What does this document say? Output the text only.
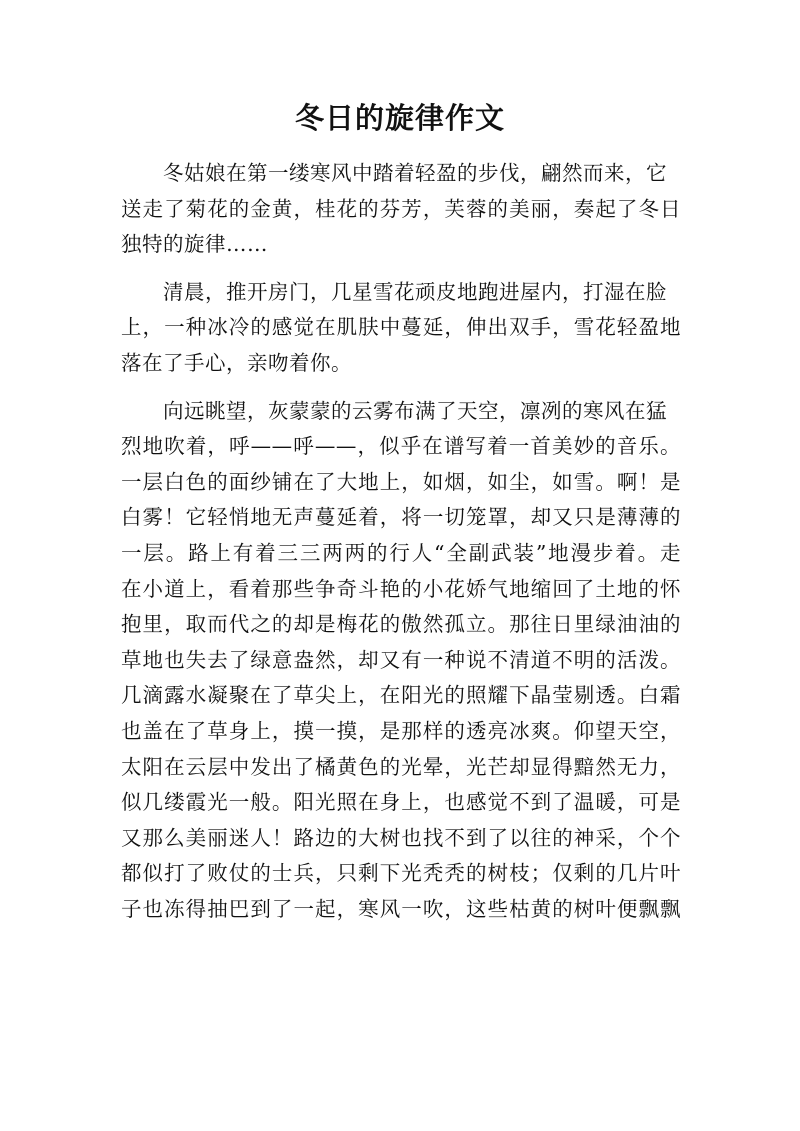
冬日的旋律作文
冬姑娘在第一缕寒风中踏着轻盈的步伐，翩然而来，它
送走了菊花的金黄，桂花的芬芳，芙蓉的美丽，奏起了冬日
独特的旋律……
清晨，推开房门，几星雪花顽皮地跑进屋内，打湿在脸
上，一种冰冷的感觉在肌肤中蔓延，伸出双手，雪花轻盈地
落在了手心，亲吻着你。
向远眺望，灰蒙蒙的云雾布满了天空，凛冽的寒风在猛
烈地吹着，呼——呼——，似乎在谱写着一首美妙的音乐。
一层白色的面纱铺在了大地上，如烟，如尘，如雪。啊！是
白雾！它轻悄地无声蔓延着，将一切笼罩，却又只是薄薄的
一层。路上有着三三两两的行人“全副武装”地漫步着。走
在小道上，看着那些争奇斗艳的小花娇气地缩回了土地的怀
抱里，取而代之的却是梅花的傲然孤立。那往日里绿油油的
草地也失去了绿意盎然，却又有一种说不清道不明的活泼。
几滴露水凝聚在了草尖上，在阳光的照耀下晶莹剔透。白霜
也盖在了草身上，摸一摸，是那样的透亮冰爽。仰望天空，
太阳在云层中发出了橘黄色的光晕，光芒却显得黯然无力，
似几缕霞光一般。阳光照在身上，也感觉不到了温暖，可是
又那么美丽迷人！路边的大树也找不到了以往的神采，个个
都似打了败仗的士兵，只剩下光秃秃的树枝；仅剩的几片叶
子也冻得抽巴到了一起，寒风一吹，这些枯黄的树叶便飘飘
